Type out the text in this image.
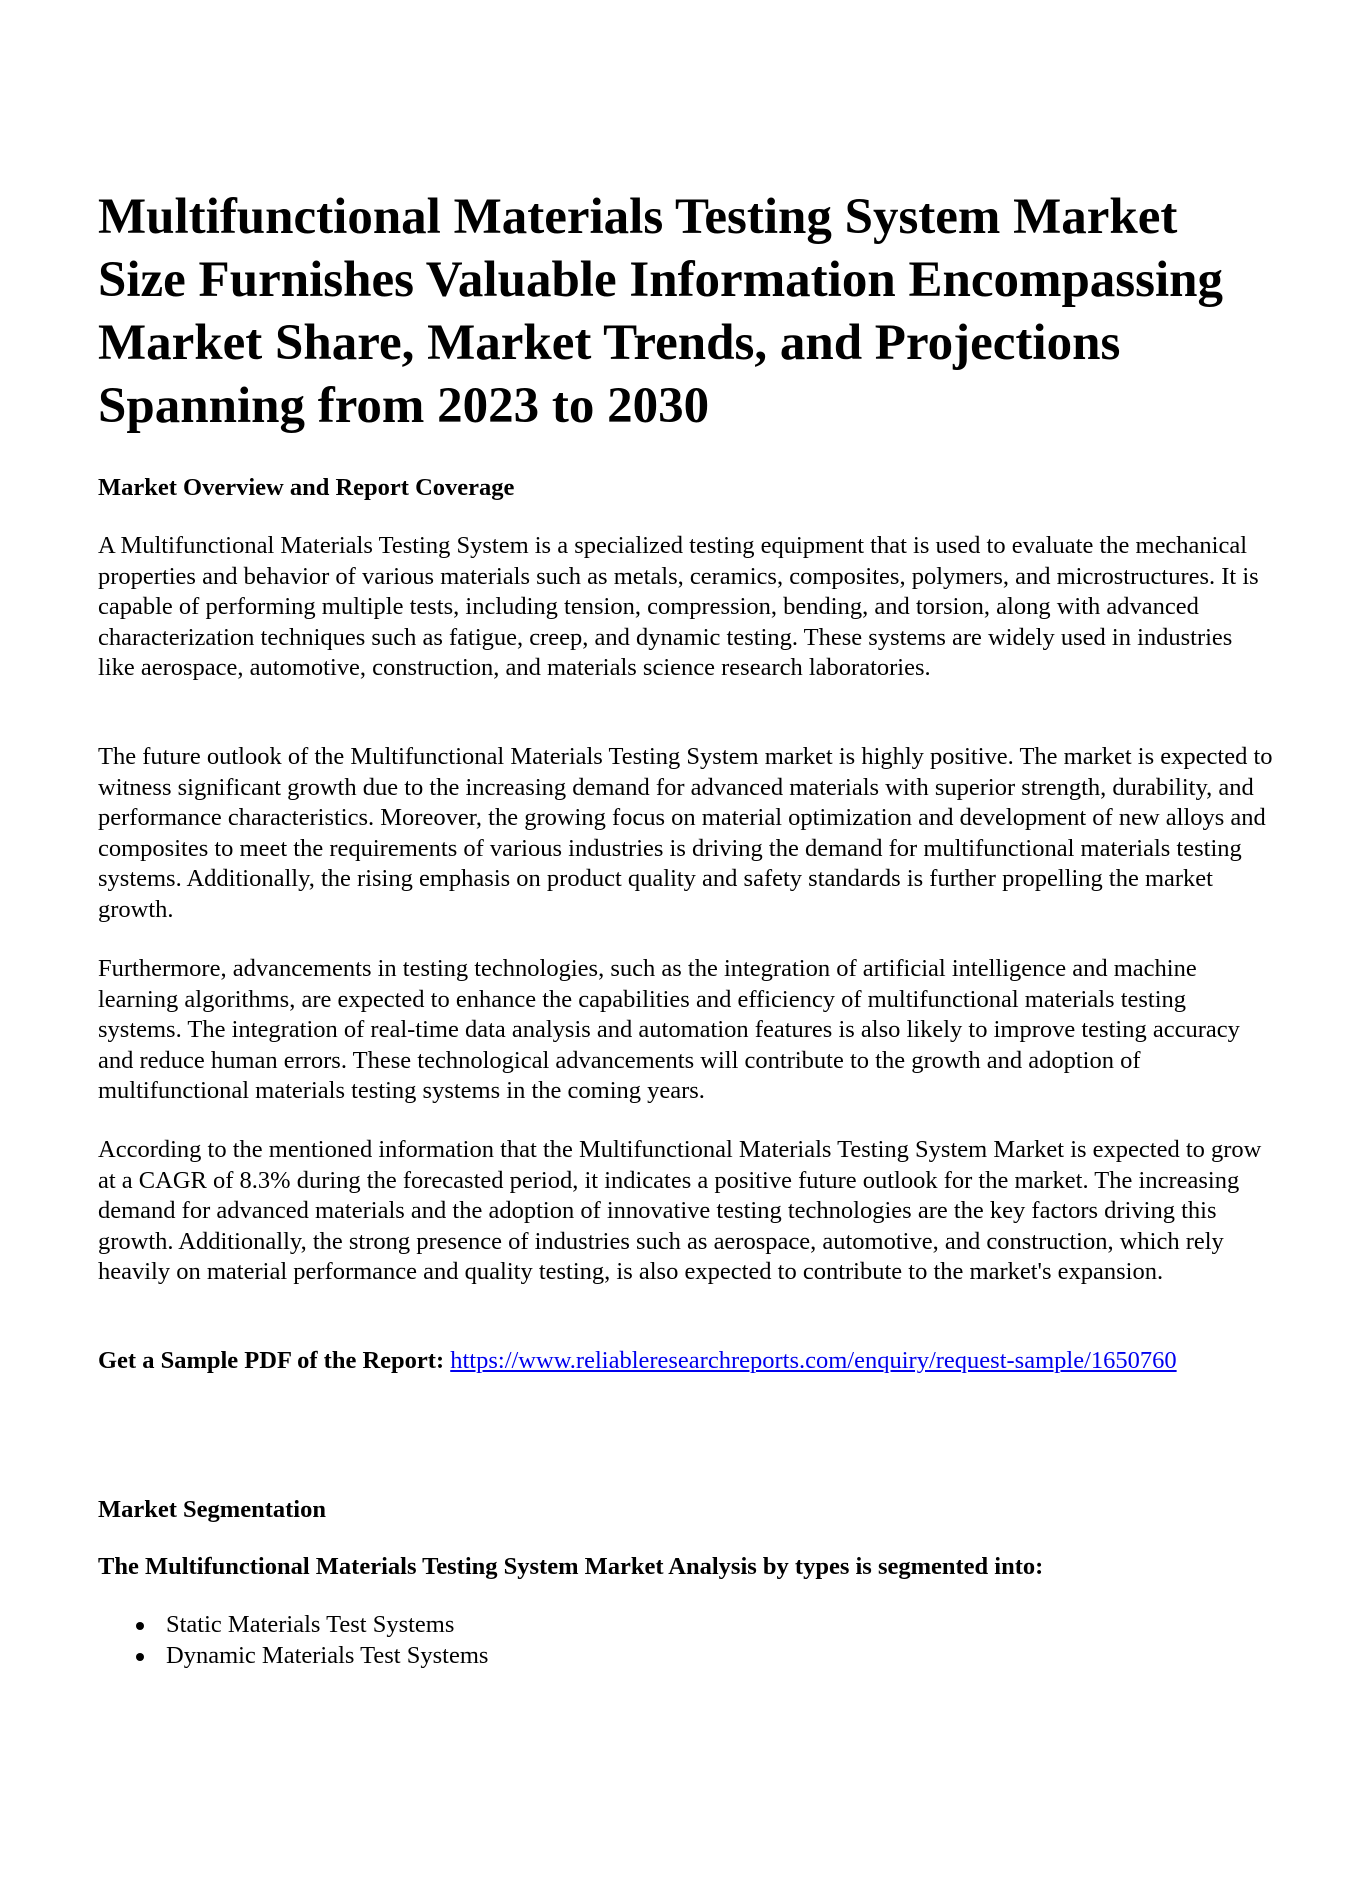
Multifunctional Materials Testing System Market Size Furnishes Valuable Information Encompassing Market Share, Market Trends, and Projections Spanning from 2023 to 2030
Market Overview and Report Coverage

A Multifunctional Materials Testing System is a specialized testing equipment that is used to evaluate the mechanical properties and behavior of various materials such as metals, ceramics, composites, polymers, and microstructures. It is capable of performing multiple tests, including tension, compression, bending, and torsion, along with advanced characterization techniques such as fatigue, creep, and dynamic testing. These systems are widely used in industries like aerospace, automotive, construction, and materials science research laboratories.

The future outlook of the Multifunctional Materials Testing System market is highly positive. The market is expected to witness significant growth due to the increasing demand for advanced materials with superior strength, durability, and performance characteristics. Moreover, the growing focus on material optimization and development of new alloys and composites to meet the requirements of various industries is driving the demand for multifunctional materials testing systems. Additionally, the rising emphasis on product quality and safety standards is further propelling the market growth.

Furthermore, advancements in testing technologies, such as the integration of artificial intelligence and machine learning algorithms, are expected to enhance the capabilities and efficiency of multifunctional materials testing systems. The integration of real-time data analysis and automation features is also likely to improve testing accuracy and reduce human errors. These technological advancements will contribute to the growth and adoption of multifunctional materials testing systems in the coming years.

According to the mentioned information that the Multifunctional Materials Testing System Market is expected to grow at a CAGR of 8.3% during the forecasted period, it indicates a positive future outlook for the market. The increasing demand for advanced materials and the adoption of innovative testing technologies are the key factors driving this growth. Additionally, the strong presence of industries such as aerospace, automotive, and construction, which rely heavily on material performance and quality testing, is also expected to contribute to the market's expansion.

Get a Sample PDF of the Report: https://www.reliableresearchreports.com/enquiry/request-sample/1650760

Market Segmentation
The Multifunctional Materials Testing System Market Analysis by types is segmented into:
Static Materials Test Systems
Dynamic Materials Test Systems
